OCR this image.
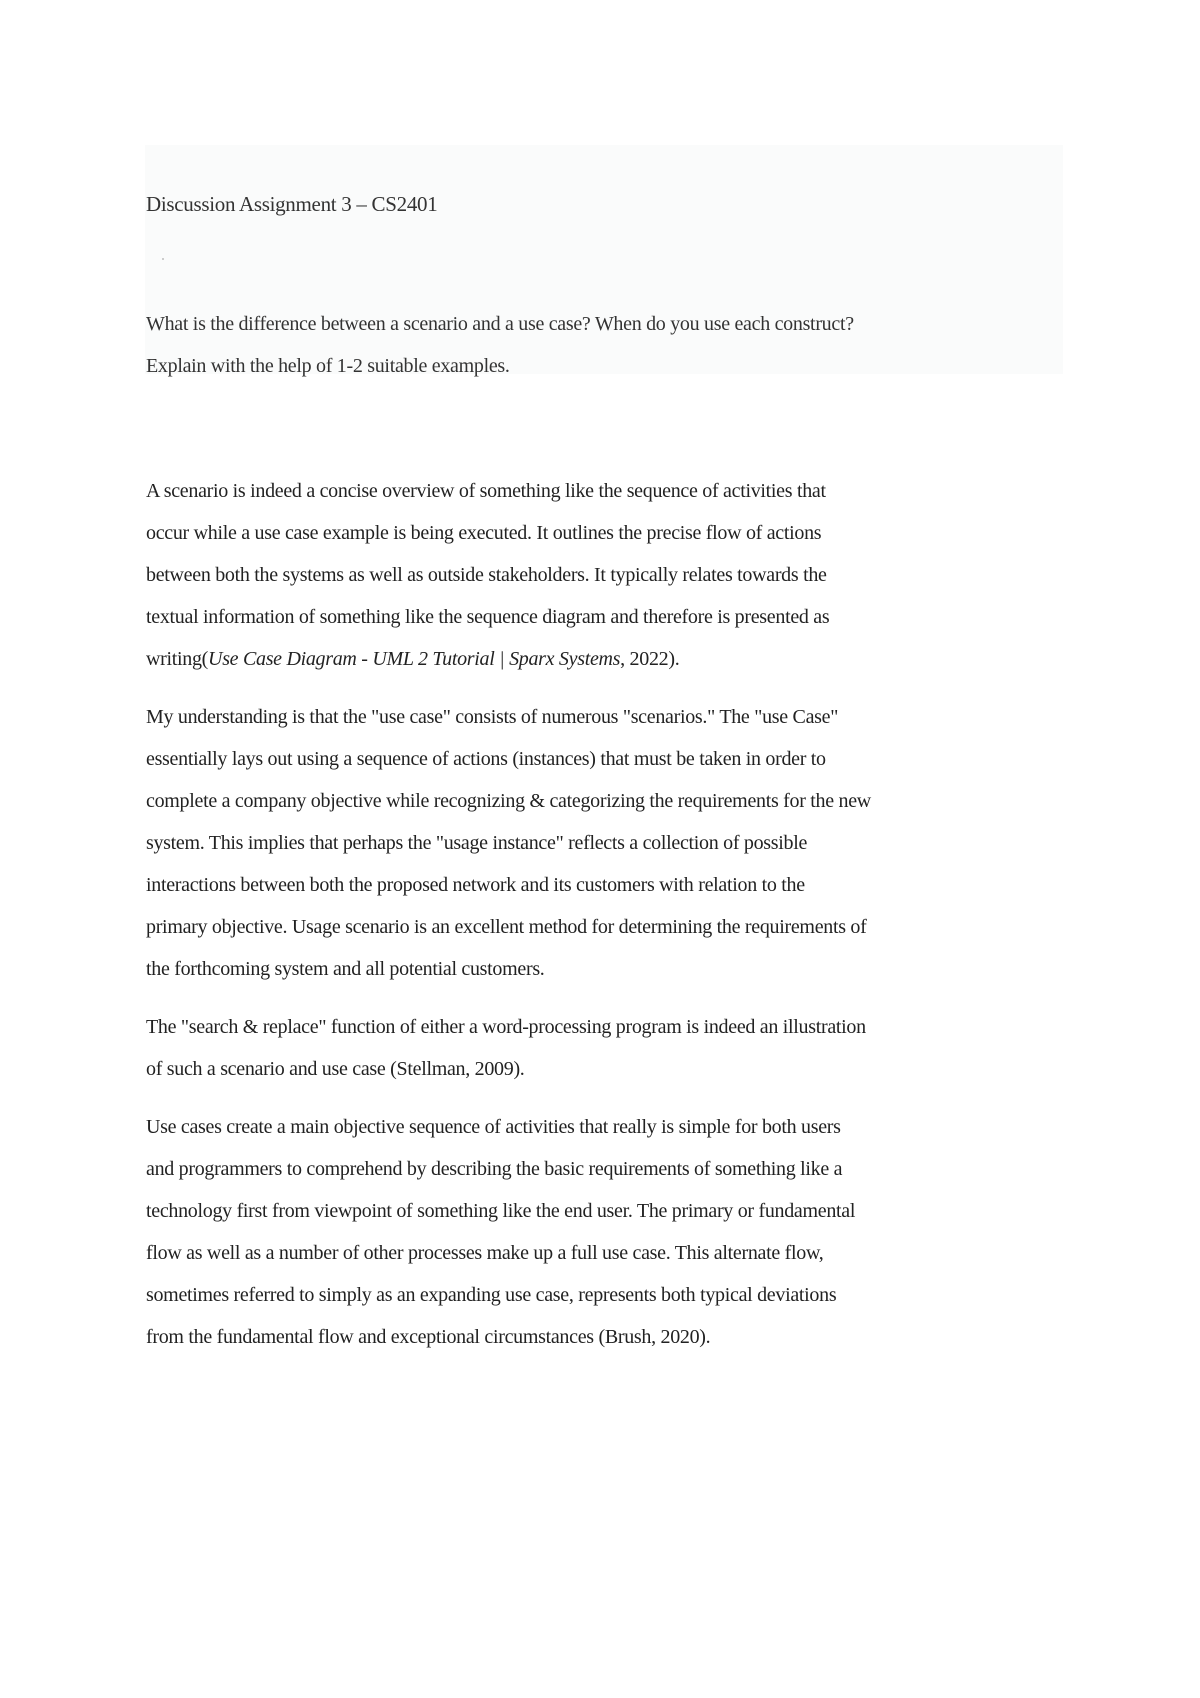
Discussion Assignment 3 – CS2401
What is the difference between a scenario and a use case? When do you use each construct?
Explain with the help of 1-2 suitable examples.
A scenario is indeed a concise overview of something like the sequence of activities that
occur while a use case example is being executed. It outlines the precise flow of actions
between both the systems as well as outside stakeholders. It typically relates towards the
textual information of something like the sequence diagram and therefore is presented as
writing(Use Case Diagram - UML 2 Tutorial | Sparx Systems, 2022).
My understanding is that the "use case" consists of numerous "scenarios." The "use Case"
essentially lays out using a sequence of actions (instances) that must be taken in order to
complete a company objective while recognizing & categorizing the requirements for the new
system. This implies that perhaps the "usage instance" reflects a collection of possible
interactions between both the proposed network and its customers with relation to the
primary objective. Usage scenario is an excellent method for determining the requirements of
the forthcoming system and all potential customers.
The "search & replace" function of either a word-processing program is indeed an illustration
of such a scenario and use case (Stellman, 2009).
Use cases create a main objective sequence of activities that really is simple for both users
and programmers to comprehend by describing the basic requirements of something like a
technology first from viewpoint of something like the end user. The primary or fundamental
flow as well as a number of other processes make up a full use case. This alternate flow,
sometimes referred to simply as an expanding use case, represents both typical deviations
from the fundamental flow and exceptional circumstances (Brush, 2020).
